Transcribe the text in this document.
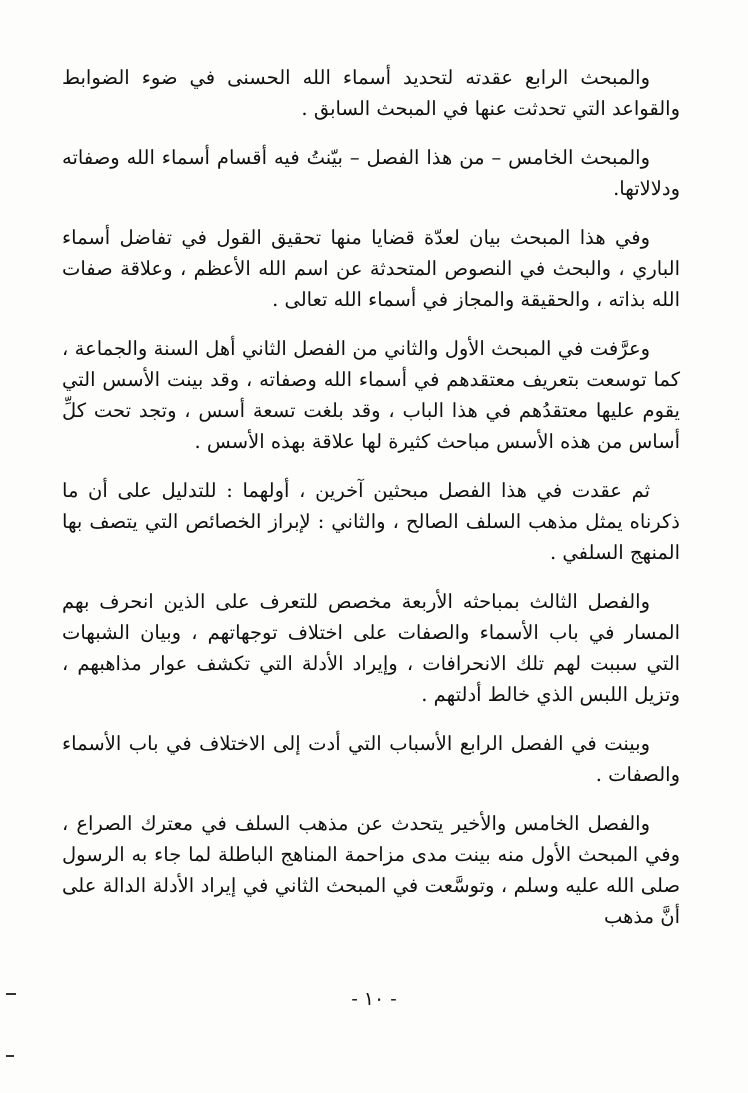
والمبحث الرابع عقدته لتحديد أسماء الله الحسنى في ضوء الضوابط والقواعد التي تحدثت عنها في المبحث السابق .

والمبحث الخامس – من هذا الفصل – بيّنتُ فيه أقسام أسماء الله وصفاته ودلالاتها.

وفي هذا المبحث بيان لعدّة قضايا منها تحقيق القول في تفاضل أسماء الباري ، والبحث في النصوص المتحدثة عن اسم الله الأعظم ، وعلاقة صفات الله بذاته ، والحقيقة والمجاز في أسماء الله تعالى .

وعرَّفت في المبحث الأول والثاني من الفصل الثاني أهل السنة والجماعة ، كما توسعت بتعريف معتقدهم في أسماء الله وصفاته ، وقد بينت الأسس التي يقوم عليها معتقدُهم في هذا الباب ، وقد بلغت تسعة أسس ، وتجد تحت كلِّ أساس من هذه الأسس مباحث كثيرة لها علاقة بهذه الأسس .

ثم عقدت في هذا الفصل مبحثين آخرين ، أولهما : للتدليل على أن ما ذكرناه يمثل مذهب السلف الصالح ، والثاني : لإبراز الخصائص التي يتصف بها المنهج السلفي .

والفصل الثالث بمباحثه الأربعة مخصص للتعرف على الذين انحرف بهم المسار في باب الأسماء والصفات على اختلاف توجهاتهم ، وبيان الشبهات التي سببت لهم تلك الانحرافات ، وإيراد الأدلة التي تكشف عوار مذاهبهم ، وتزيل اللبس الذي خالط أدلتهم .

وبينت في الفصل الرابع الأسباب التي أدت إلى الاختلاف في باب الأسماء والصفات .

والفصل الخامس والأخير يتحدث عن مذهب السلف في معترك الصراع ، وفي المبحث الأول منه بينت مدى مزاحمة المناهج الباطلة لما جاء به الرسول صلى الله عليه وسلم ، وتوسَّعت في المبحث الثاني في إيراد الأدلة الدالة على أنَّ مذهب

- ١٠ -
